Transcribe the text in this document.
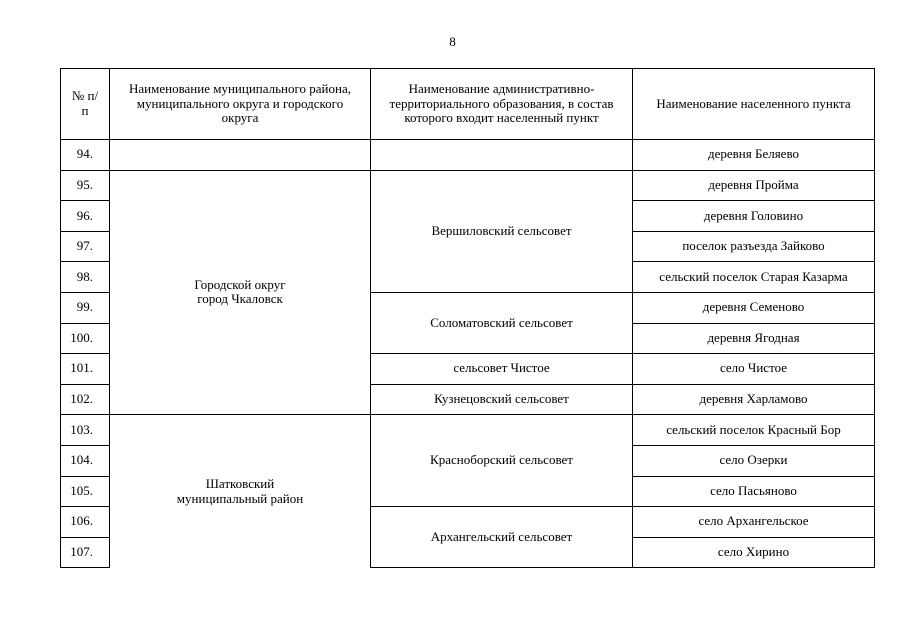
8
№ п/п	Наименование муниципального района, муниципального округа и городского округа	Наименование административно-территориального образования, в состав которого входит населенный пункт	Наименование населенного пункта
94.			деревня Беляево
95.	Городской округ город Чкаловск	Вершиловский сельсовет	деревня Пройма
96.			деревня Головино
97.			поселок разъезда Зайково
98.			сельский поселок Старая Казарма
99.		Соломатовский сельсовет	деревня Семеново
100.			деревня Ягодная
101.		сельсовет Чистое	село Чистое
102.		Кузнецовский сельсовет	деревня Харламово
103.	Шатковский муниципальный район	Красноборский сельсовет	сельский поселок Красный Бор
104.			село Озерки
105.			село Пасьяново
106.		Архангельский сельсовет	село Архангельское
107.			село Хирино
